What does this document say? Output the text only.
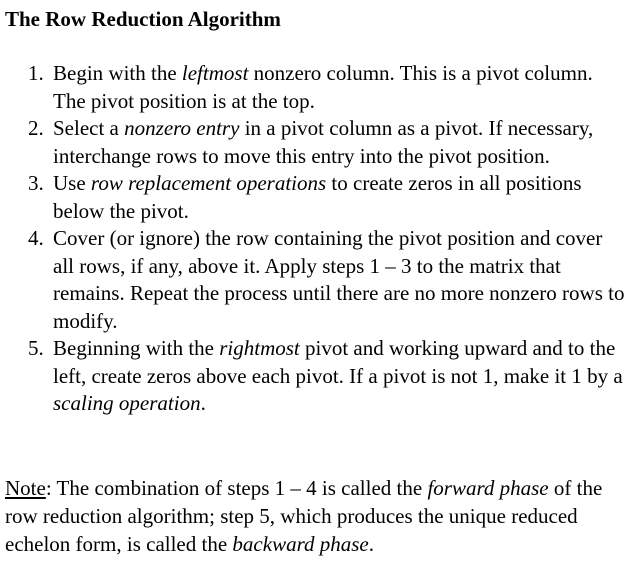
The Row Reduction Algorithm
1. Begin with the leftmost nonzero column. This is a pivot column. The pivot position is at the top.
2. Select a nonzero entry in a pivot column as a pivot. If necessary, interchange rows to move this entry into the pivot position.
3. Use row replacement operations to create zeros in all positions below the pivot.
4. Cover (or ignore) the row containing the pivot position and cover all rows, if any, above it. Apply steps 1 – 3 to the matrix that remains. Repeat the process until there are no more nonzero rows to modify.
5. Beginning with the rightmost pivot and working upward and to the left, create zeros above each pivot. If a pivot is not 1, make it 1 by a scaling operation.
Note: The combination of steps 1 – 4 is called the forward phase of the row reduction algorithm; step 5, which produces the unique reduced echelon form, is called the backward phase.
